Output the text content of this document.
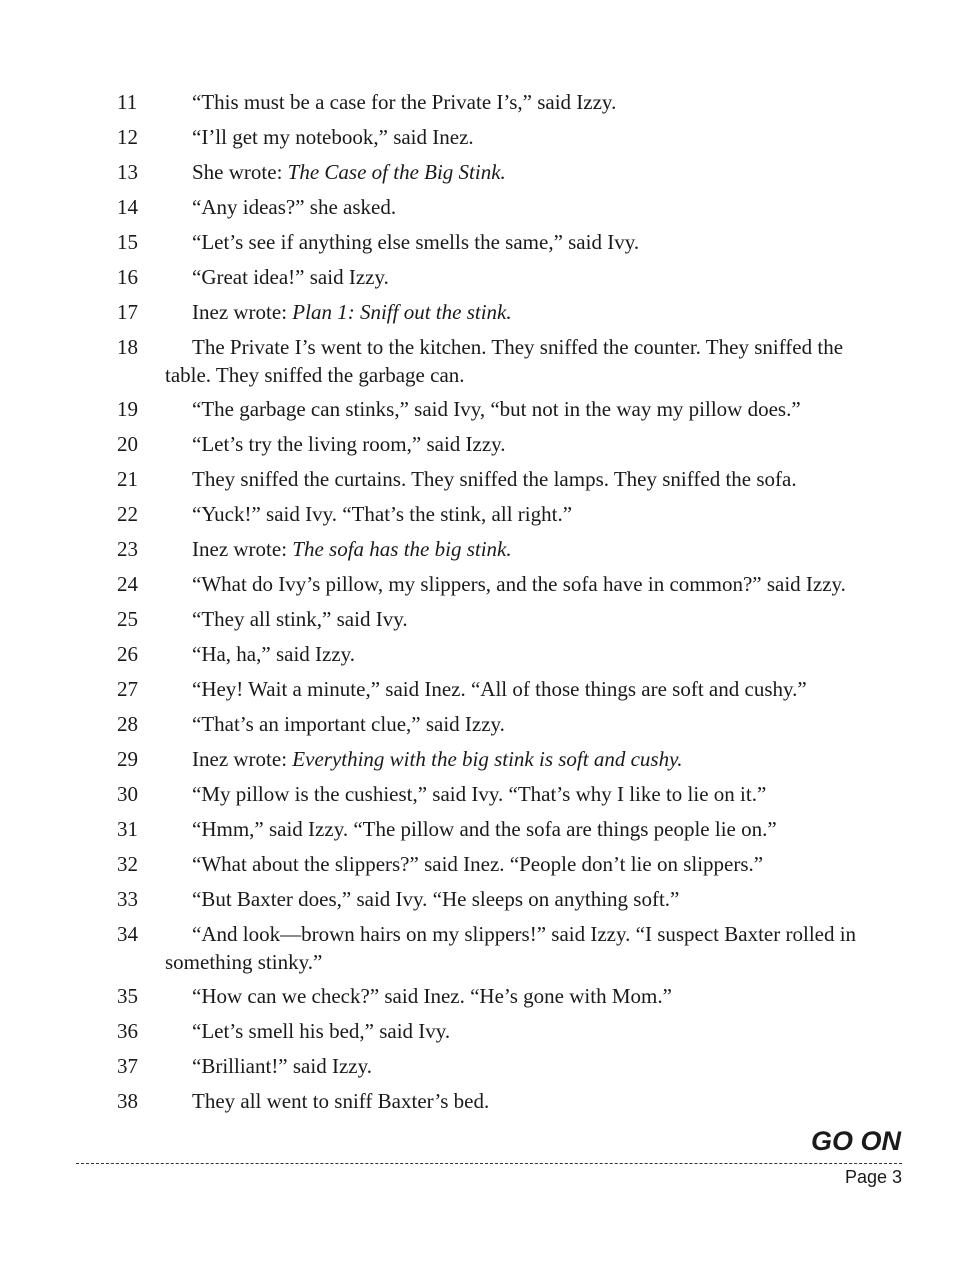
11	“This must be a case for the Private I’s,” said Izzy.
12	“I’ll get my notebook,” said Inez.
13	She wrote: The Case of the Big Stink.
14	“Any ideas?” she asked.
15	“Let’s see if anything else smells the same,” said Ivy.
16	“Great idea!” said Izzy.
17	Inez wrote: Plan 1: Sniff out the stink.
18	The Private I’s went to the kitchen. They sniffed the counter. They sniffed the table. They sniffed the garbage can.
19	“The garbage can stinks,” said Ivy, “but not in the way my pillow does.”
20	“Let’s try the living room,” said Izzy.
21	They sniffed the curtains. They sniffed the lamps. They sniffed the sofa.
22	“Yuck!” said Ivy. “That’s the stink, all right.”
23	Inez wrote: The sofa has the big stink.
24	“What do Ivy’s pillow, my slippers, and the sofa have in common?” said Izzy.
25	“They all stink,” said Ivy.
26	“Ha, ha,” said Izzy.
27	“Hey! Wait a minute,” said Inez. “All of those things are soft and cushy.”
28	“That’s an important clue,” said Izzy.
29	Inez wrote: Everything with the big stink is soft and cushy.
30	“My pillow is the cushiest,” said Ivy. “That’s why I like to lie on it.”
31	“Hmm,” said Izzy. “The pillow and the sofa are things people lie on.”
32	“What about the slippers?” said Inez. “People don’t lie on slippers.”
33	“But Baxter does,” said Ivy. “He sleeps on anything soft.”
34	“And look—brown hairs on my slippers!” said Izzy. “I suspect Baxter rolled in something stinky.”
35	“How can we check?” said Inez. “He’s gone with Mom.”
36	“Let’s smell his bed,” said Ivy.
37	“Brilliant!” said Izzy.
38	They all went to sniff Baxter’s bed.
GO ON
Page 3
